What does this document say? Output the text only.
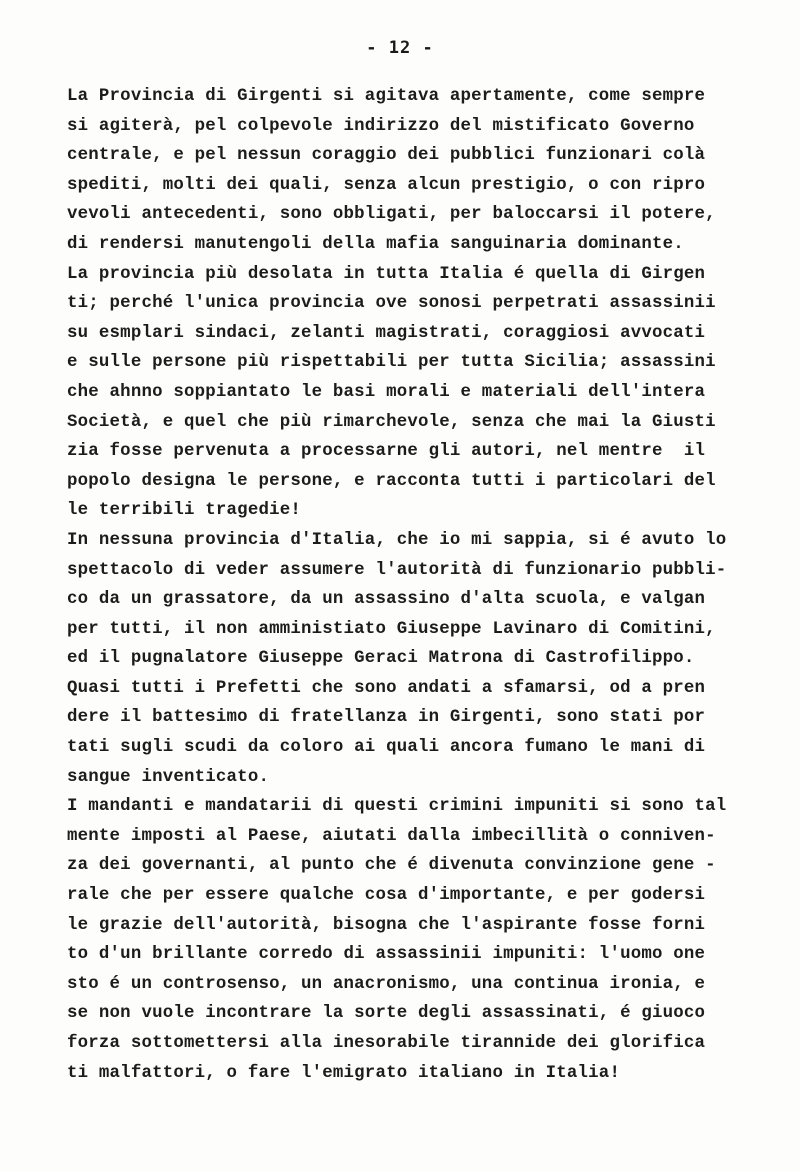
- 12 -
La Provincia di Girgenti si agitava apertamente, come sempre
si agiterà, pel colpevole indirizzo del mistificato Governo
centrale, e pel nessun coraggio dei pubblici funzionari colà
spediti, molti dei quali, senza alcun prestigio, o con ripro
vevoli antecedenti, sono obbligati, per baloccarsi il potere,
di rendersi manutengoli della mafia sanguinaria dominante.
La provincia più desolata in tutta Italia é quella di Girgen
ti; perché l'unica provincia ove sonosi perpetrati assassinii
su esmplari sindaci, zelanti magistrati, coraggiosi avvocati
e sulle persone più rispettabili per tutta Sicilia; assassini
che ahnno soppiantato le basi morali e materiali dell'intera
Società, e quel che più rimarchevole, senza che mai la Giusti
zia fosse pervenuta a processarne gli autori, nel mentre  il
popolo designa le persone, e racconta tutti i particolari del
le terribili tragedie!
In nessuna provincia d'Italia, che io mi sappia, si é avuto lo
spettacolo di veder assumere l'autorità di funzionario pubbli-
co da un grassatore, da un assassino d'alta scuola, e valgan
per tutti, il non amministiato Giuseppe Lavinaro di Comitini,
ed il pugnalatore Giuseppe Geraci Matrona di Castrofilippo.
Quasi tutti i Prefetti che sono andati a sfamarsi, od a pren
dere il battesimo di fratellanza in Girgenti, sono stati por
tati sugli scudi da coloro ai quali ancora fumano le mani di
sangue inventicato.
I mandanti e mandatarii di questi crimini impuniti si sono tal
mente imposti al Paese, aiutati dalla imbecillità o conniven-
za dei governanti, al punto che é divenuta convinzione gene -
rale che per essere qualche cosa d'importante, e per godersi
le grazie dell'autorità, bisogna che l'aspirante fosse forni
to d'un brillante corredo di assassinii impuniti: l'uomo one
sto é un controsenso, un anacronismo, una continua ironia, e
se non vuole incontrare la sorte degli assassinati, é giuoco
forza sottomettersi alla inesorabile tirannide dei glorifica
ti malfattori, o fare l'emigrato italiano in Italia!
